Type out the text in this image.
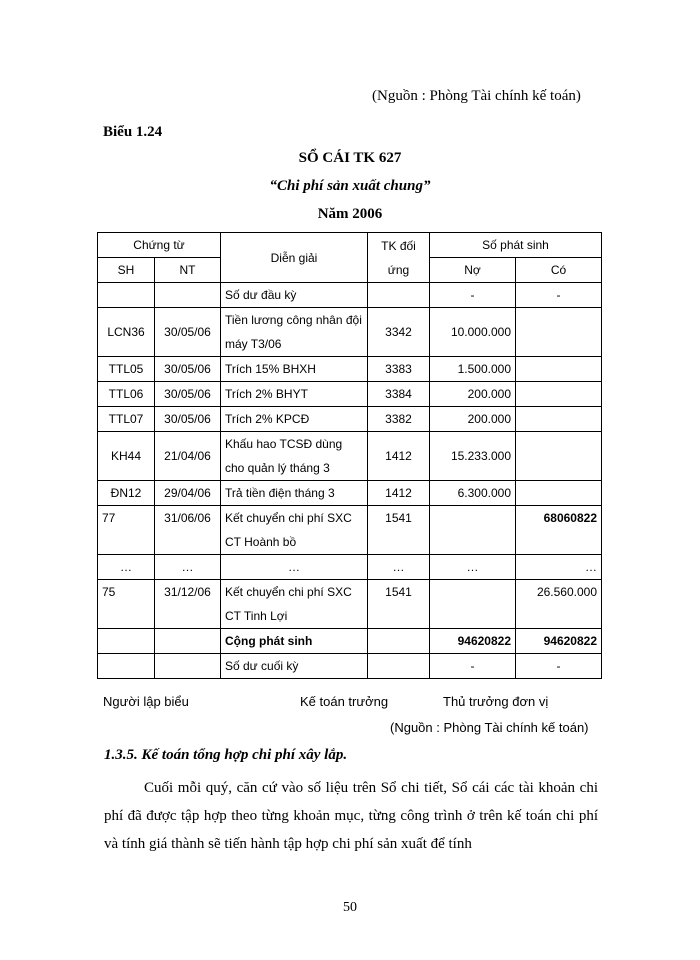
(Nguồn : Phòng Tài chính kế toán)
Biểu 1.24
SỔ CÁI TK 627
“Chi phí sản xuất chung”
Năm 2006
Chứng từ		Diễn giải	TK đối ứng	Số phát sinh	
SH	NT			Nợ	Có
		Số dư đầu kỳ		-	-
LCN36	30/05/06	Tiền lương công nhân đội máy T3/06	3342	10.000.000	
TTL05	30/05/06	Trích 15% BHXH	3383	1.500.000	
TTL06	30/05/06	Trích 2% BHYT	3384	200.000	
TTL07	30/05/06	Trích 2% KPCĐ	3382	200.000	
KH44	21/04/06	Khấu hao TCSĐ dùng cho quản lý tháng 3	1412	15.233.000	
ĐN12	29/04/06	Trả tiền điện tháng 3	1412	6.300.000	
77	31/06/06	Kết chuyển chi phí SXC CT Hoành bồ	1541		68060822
…	…	…	…	…	…
75	31/12/06	Kết chuyển chi phí SXC CT Tinh Lợi	1541		26.560.000
		Cộng phát sinh		94620822	94620822
		Số dư cuối kỳ		-	-
Người lập biểu	Kế toán trưởng	Thủ trưởng đơn vị
(Nguồn : Phòng Tài chính kế toán)
1.3.5. Kế toán tổng hợp chi phí xây lắp.
Cuối mỗi quý, căn cứ vào số liệu trên Sổ chi tiết, Sổ cái các tài khoản chi phí đã được tập hợp theo từng khoản mục, từng công trình ở trên kế toán chi phí và tính giá thành sẽ tiến hành tập hợp chi phí sản xuất để tính
50
